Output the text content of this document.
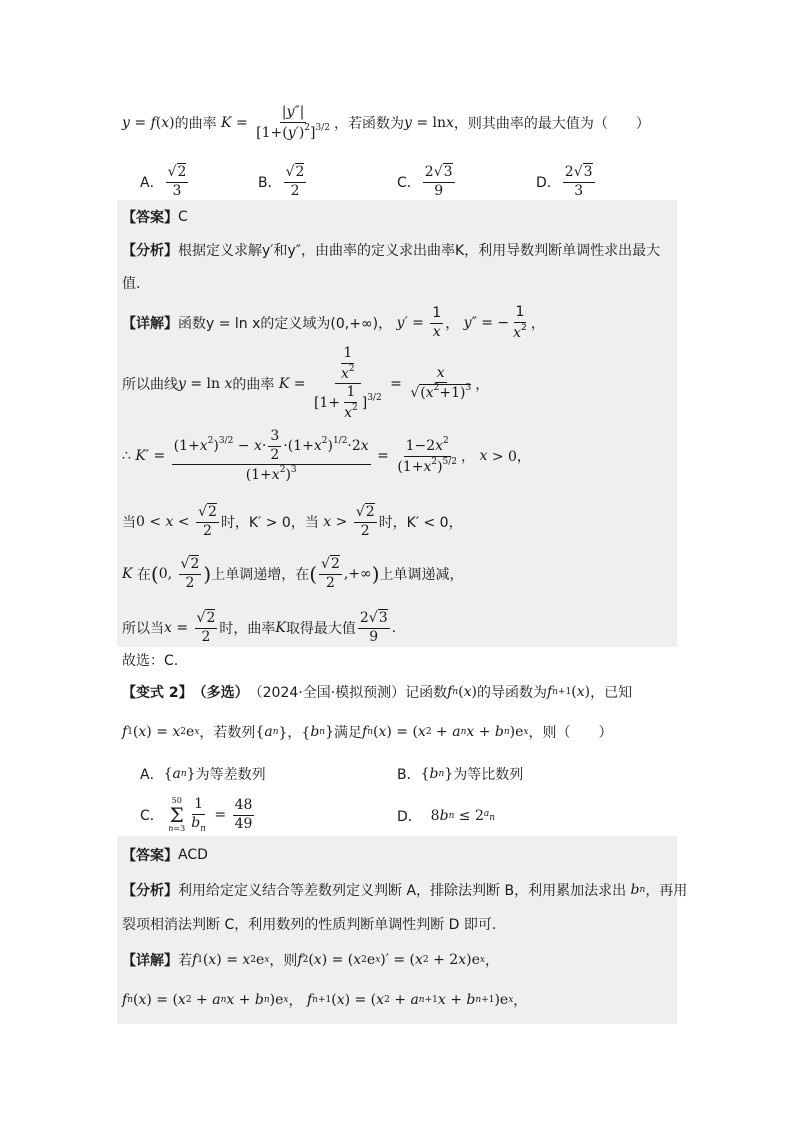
y = f ( x ) 的曲率 $K = \frac{|y''|}{[1+(y')^2]^{3/2}}$ ，若函数为 y = ln x ，则其曲率的最大值为（　　）
A． $\frac{√2}{3}$	B． $\frac{√2}{2}$	C． $\frac{2√3}{9}$	D． $\frac{2√3}{3}$
【答案】 C
【分析】 根据定义求解y′和y″，由曲率的定义求出曲率K，利用导数判断单调性求出最大
值.
【详解】 函数y = ln x的定义域为(0,+∞)，
$y' = \frac{1}{x}$ ， y″ = − $\frac{1}{x^2}$ ，
所以曲线 y = ln x 的曲率 $K = \frac{\frac{1}{x^2}}{[1+ \frac{1}{x^2} ]^{3/2}} = \frac{x}{√(x^2+1)^3}$ ，
∴ $K' = \frac{(1+x^2)^{3/2} - x\cdot \frac{3}{2} \cdot(1+x^2)^{1/2}\cdot 2x}{(1+x^2)^3} = \frac{1-2x^2}{(1+x^2)^{5/2}}$ ， x > 0，
当 $0 < x < \frac{√2}{2}$ 时，K′ > 0，当
$x > \frac{√2}{2}$ 时，K′ < 0，
K
在 ( 0, $\frac{√2}{2}$ ) 上单调递增，在 ( $\frac{√2}{2}$ ,+∞ ) 上单调递减，
所以当 $x = \frac{√2}{2}$ 时，曲率 K 取得最大值 $\frac{2√3}{9}$ .
故选：C.
【变式 2】 （多选） （2024·全国·模拟预测） 记函数 f n ( x ) 的导函数为 f n+1 ( x ) ，已知
f 1 ( x ) = x 2 e x ，若数列 { a n }，{ b n } 满足 f n ( x ) = ( x 2 + a n x + b n )e x ，则（　　）
A． { a n } 为等差数列	B． { b n } 为等比数列
C．

50
Σ
$n=3 \frac{1}{b_n} = \frac{48}{49}$	D． 8 b n ≤ 2 an
【答案】 ACD
【分析】 利用给定定义结合等差数列定义判断 A，排除法判断 B，利用累加法求出 b n ，再用
裂项相消法判断 C，利用数列的性质判断单调性判断 D 即可.
【详解】 若 f 1 ( x ) = x 2 e x ，则 f 2 ( x ) = ( x 2 e x )′ = ( x 2 + 2 x )e x ，
f n ( x ) = ( x 2 + a n x + b n )e x ， f n+1 ( x ) = ( x 2 + a n+1 x + b n+1 )e x ，
